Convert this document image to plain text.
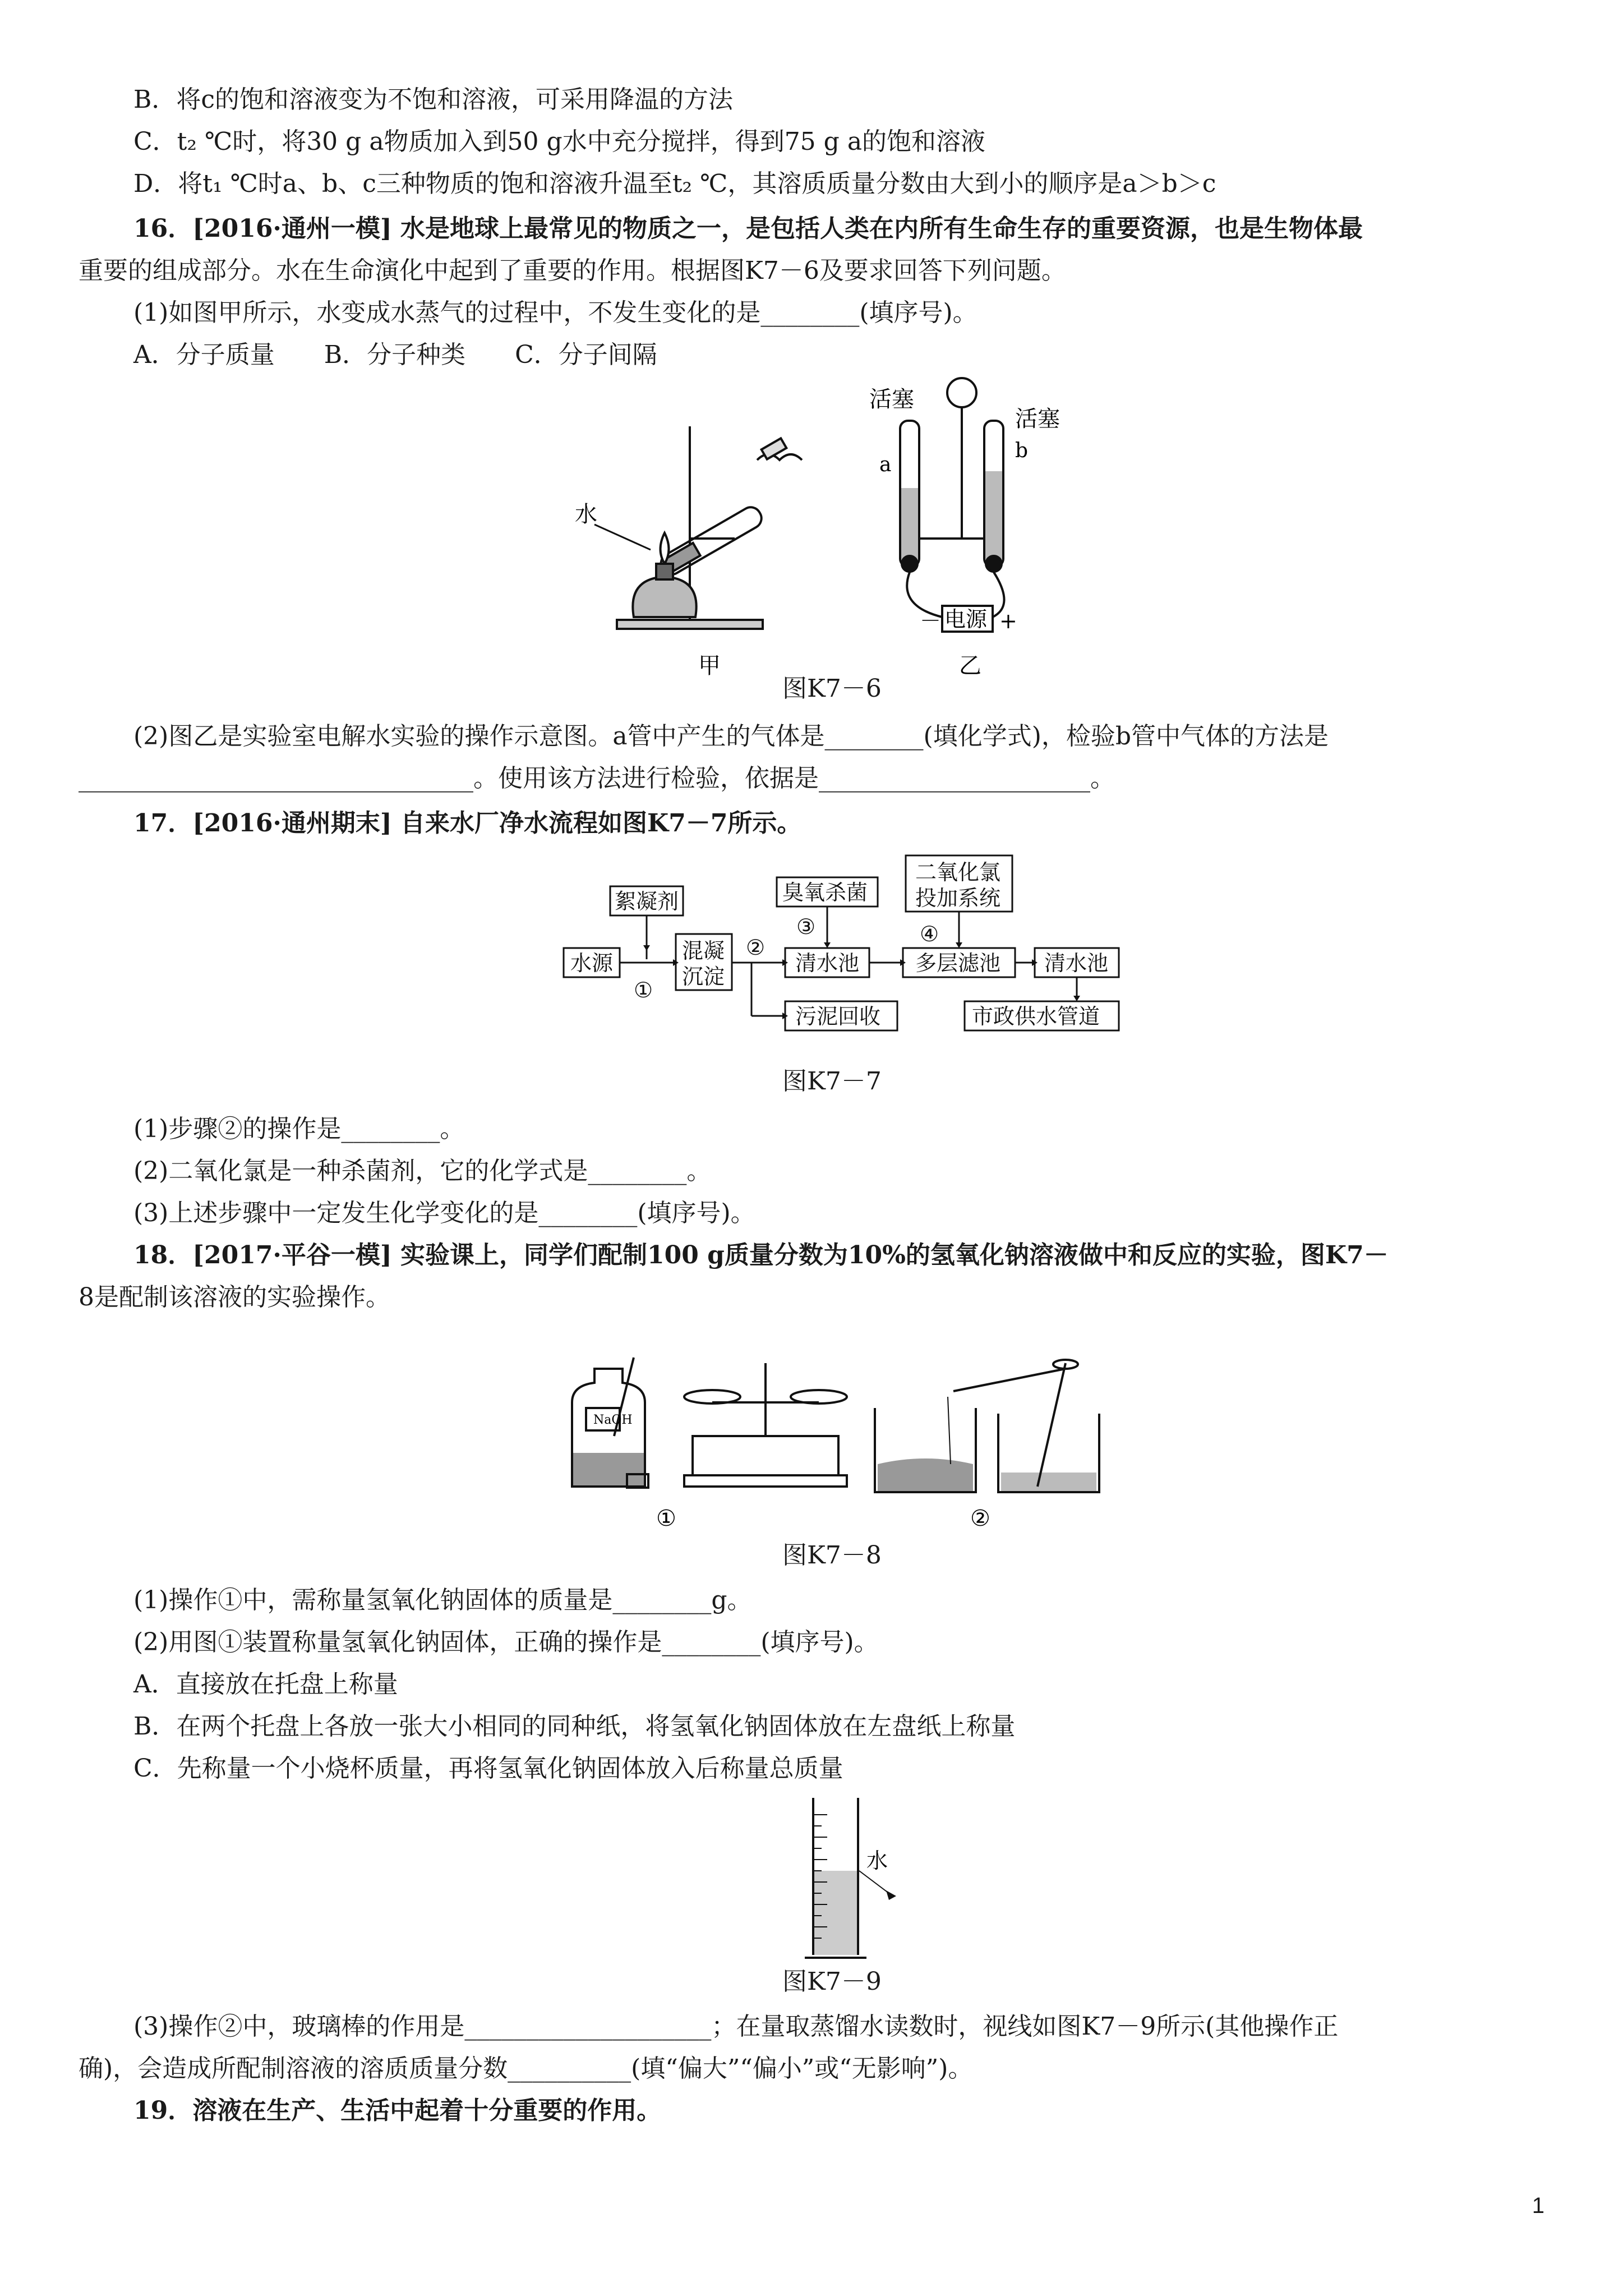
B．将c的饱和溶液变为不饱和溶液，可采用降温的方法
C．t₂ ℃时，将30 g a物质加入到50 g水中充分搅拌，得到75 g a的饱和溶液
D．将t₁ ℃时a、b、c三种物质的饱和溶液升温至t₂ ℃，其溶质质量分数由大到小的顺序是a＞b＞c
16．[2016·通州一模] 水是地球上最常见的物质之一，是包括人类在内所有生命生存的重要资源，也是生物体最
重要的组成部分。水在生命演化中起到了重要的作用。根据图K7－6及要求回答下列问题。
(1)如图甲所示，水变成水蒸气的过程中，不发生变化的是________(填序号)。
A．分子质量　　B．分子种类　　C．分子间隔
水
甲
活塞
活塞
a
b
电源
－	+
乙
图K7－6
(2)图乙是实验室电解水实验的操作示意图。a管中产生的气体是________(填化学式)，检验b管中气体的方法是
________________________________。使用该方法进行检验，依据是______________________。
17．[2016·通州期末] 自来水厂净水流程如图K7－7所示。
水源
絮凝剂
混凝
沉淀
臭氧杀菌
清水池
污泥回收
二氧化氯
投加系统
多层滤池 清水池
市政供水管道
①
②
③	④
图K7－7
(1)步骤②的操作是________。
(2)二氧化氯是一种杀菌剂，它的化学式是________。
(3)上述步骤中一定发生化学变化的是________(填序号)。
18．[2017·平谷一模] 实验课上，同学们配制100 g质量分数为10%的氢氧化钠溶液做中和反应的实验，图K7－
8是配制该溶液的实验操作。
NaOH
①	②
图K7－8
(1)操作①中，需称量氢氧化钠固体的质量是________g。
(2)用图①装置称量氢氧化钠固体，正确的操作是________(填序号)。
A．直接放在托盘上称量
B．在两个托盘上各放一张大小相同的同种纸，将氢氧化钠固体放在左盘纸上称量
C．先称量一个小烧杯质量，再将氢氧化钠固体放入后称量总质量
水
图K7－9
(3)操作②中，玻璃棒的作用是____________________；在量取蒸馏水读数时，视线如图K7－9所示(其他操作正
确)，会造成所配制溶液的溶质质量分数__________(填“偏大”“偏小”或“无影响”)。
19．溶液在生产、生活中起着十分重要的作用。
1
